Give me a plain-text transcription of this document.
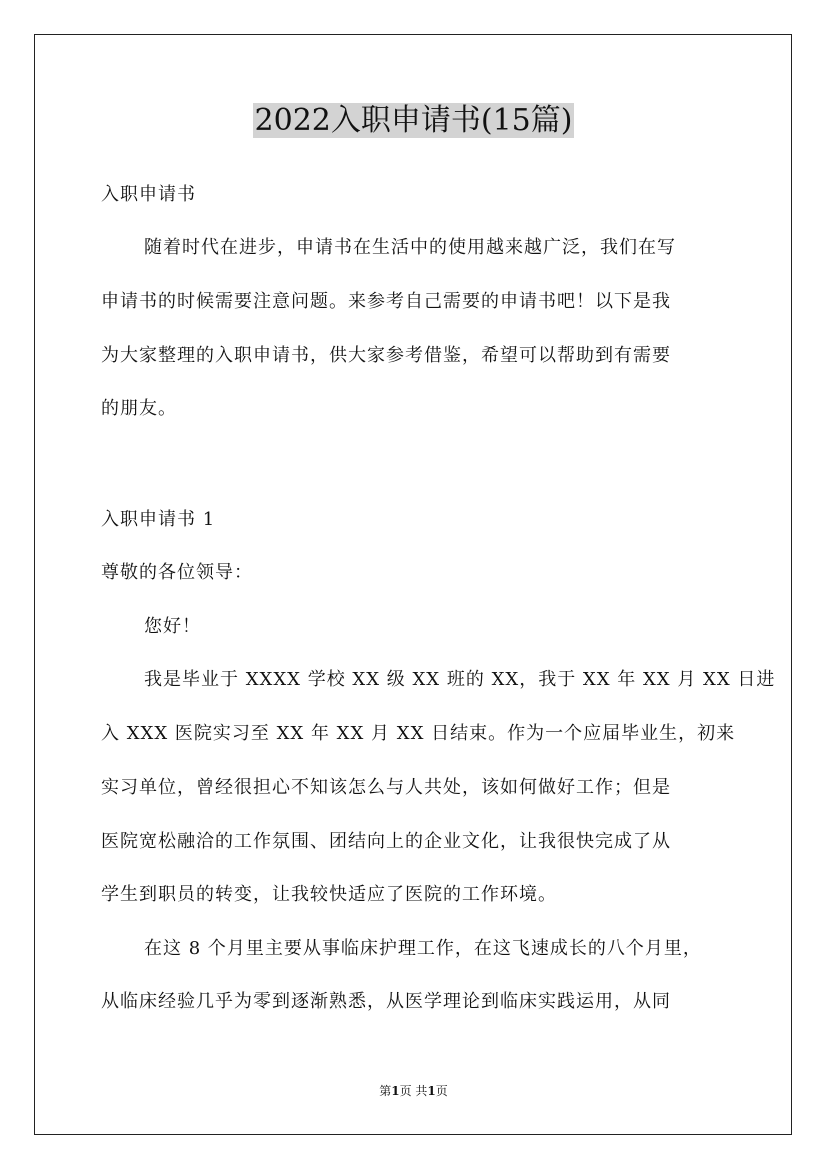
2022入职申请书(15篇)

入职申请书

随着时代在进步，申请书在生活中的使用越来越广泛，我们在写

申请书的时候需要注意问题。来参考自己需要的申请书吧！以下是我

为大家整理的入职申请书，供大家参考借鉴，希望可以帮助到有需要

的朋友。

入职申请书 1

尊敬的各位领导：

您好！

我是毕业于 XXXX 学校 XX 级 XX 班的 XX，我于 XX 年 XX 月 XX 日进

入 XXX 医院实习至 XX 年 XX 月 XX 日结束。作为一个应届毕业生，初来

实习单位，曾经很担心不知该怎么与人共处，该如何做好工作；但是

医院宽松融洽的工作氛围、团结向上的企业文化，让我很快完成了从

学生到职员的转变，让我较快适应了医院的工作环境。

在这 8 个月里主要从事临床护理工作，在这飞速成长的八个月里，

从临床经验几乎为零到逐渐熟悉，从医学理论到临床实践运用，从同

第1页 共1页
